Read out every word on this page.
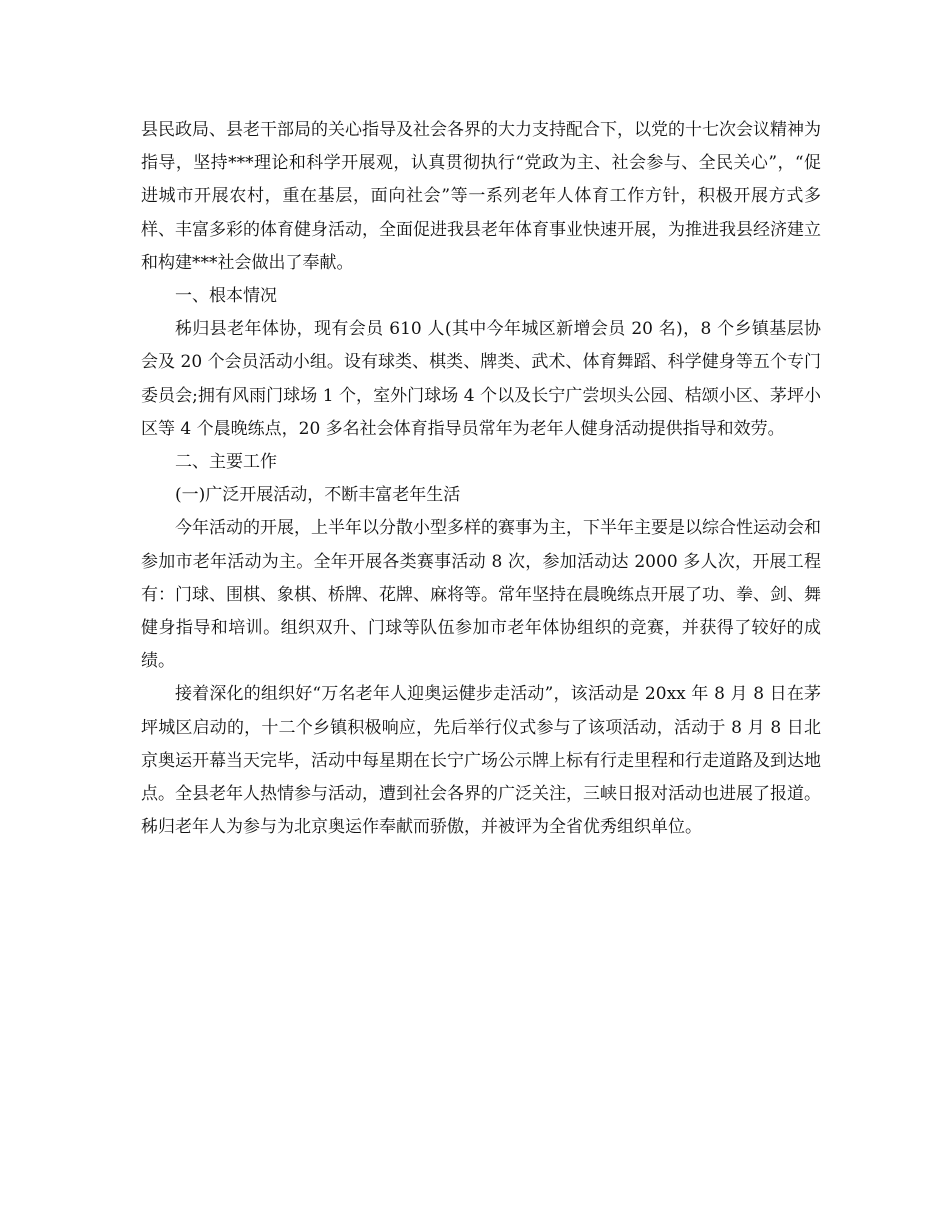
县民政局、县老干部局的关心指导及社会各界的大力支持配合下，以党的十七次会议精神为指导，坚持***理论和科学开展观，认真贯彻执行“党政为主、社会参与、全民关心”，“促进城市开展农村，重在基层，面向社会”等一系列老年人体育工作方针，积极开展方式多样、丰富多彩的体育健身活动，全面促进我县老年体育事业快速开展，为推进我县经济建立和构建***社会做出了奉献。

一、根本情况

秭归县老年体协，现有会员 610 人(其中今年城区新增会员 20 名)，8 个乡镇基层协会及 20 个会员活动小组。设有球类、棋类、牌类、武术、体育舞蹈、科学健身等五个专门委员会;拥有风雨门球场 1 个，室外门球场 4 个以及长宁广尝坝头公园、桔颂小区、茅坪小区等 4 个晨晚练点，20 多名社会体育指导员常年为老年人健身活动提供指导和效劳。

二、主要工作

(一)广泛开展活动，不断丰富老年生活

今年活动的开展，上半年以分散小型多样的赛事为主，下半年主要是以综合性运动会和参加市老年活动为主。全年开展各类赛事活动 8 次，参加活动达 2000 多人次，开展工程有：门球、围棋、象棋、桥牌、花牌、麻将等。常年坚持在晨晚练点开展了功、拳、剑、舞健身指导和培训。组织双升、门球等队伍参加市老年体协组织的竞赛，并获得了较好的成绩。

接着深化的组织好“万名老年人迎奥运健步走活动”，该活动是 20xx 年 8 月 8 日在茅坪城区启动的，十二个乡镇积极响应，先后举行仪式参与了该项活动，活动于 8 月 8 日北京奥运开幕当天完毕，活动中每星期在长宁广场公示牌上标有行走里程和行走道路及到达地点。全县老年人热情参与活动，遭到社会各界的广泛关注，三峡日报对活动也进展了报道。秭归老年人为参与为北京奥运作奉献而骄傲，并被评为全省优秀组织单位。
